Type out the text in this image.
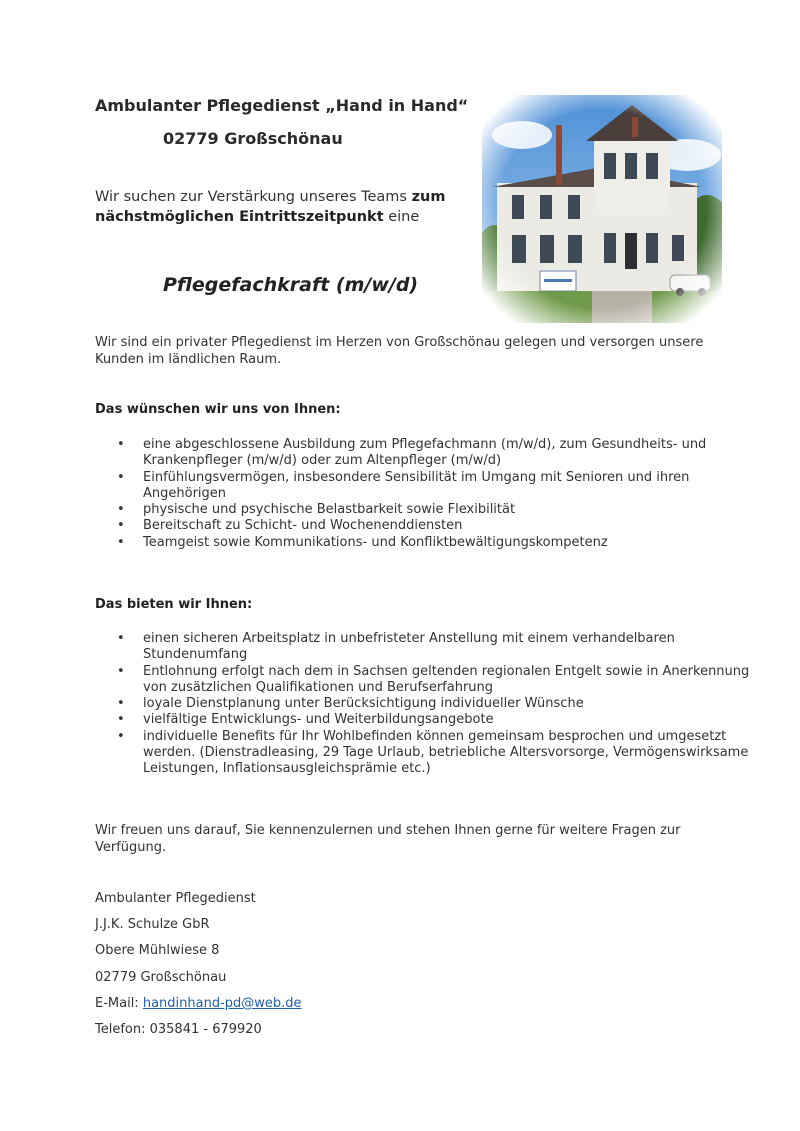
Ambulanter Pflegedienst „Hand in Hand“

02779 Großschönau

Wir suchen zur Verstärkung unseres Teams zum nächstmöglichen Eintrittszeitpunkt eine

Pflegefachkraft (m/w/d)

Wir sind ein privater Pflegedienst im Herzen von Großschönau gelegen und versorgen unsere Kunden im ländlichen Raum.

Das wünschen wir uns von Ihnen:

• eine abgeschlossene Ausbildung zum Pflegefachmann (m/w/d), zum Gesundheits- und Krankenpfleger (m/w/d) oder zum Altenpfleger (m/w/d)
• Einfühlungsvermögen, insbesondere Sensibilität im Umgang mit Senioren und ihren Angehörigen
• physische und psychische Belastbarkeit sowie Flexibilität
• Bereitschaft zu Schicht- und Wochenenddiensten
• Teamgeist sowie Kommunikations- und Konfliktbewältigungskompetenz

Das bieten wir Ihnen:

• einen sicheren Arbeitsplatz in unbefristeter Anstellung mit einem verhandelbaren Stundenumfang
• Entlohnung erfolgt nach dem in Sachsen geltenden regionalen Entgelt sowie in Anerkennung von zusätzlichen Qualifikationen und Berufserfahrung
• loyale Dienstplanung unter Berücksichtigung individueller Wünsche
• vielfältige Entwicklungs- und Weiterbildungsangebote
• individuelle Benefits für Ihr Wohlbefinden können gemeinsam besprochen und umgesetzt werden. (Dienstradleasing, 29 Tage Urlaub, betriebliche Altersvorsorge, Vermögenswirksame Leistungen, Inflationsausgleichsprämie etc.)

Wir freuen uns darauf, Sie kennenzulernen und stehen Ihnen gerne für weitere Fragen zur Verfügung.

Ambulanter Pflegedienst

J.J.K. Schulze GbR

Obere Mühlwiese 8

02779 Großschönau

E-Mail: handinhand-pd@web.de

Telefon: 035841 - 679920
